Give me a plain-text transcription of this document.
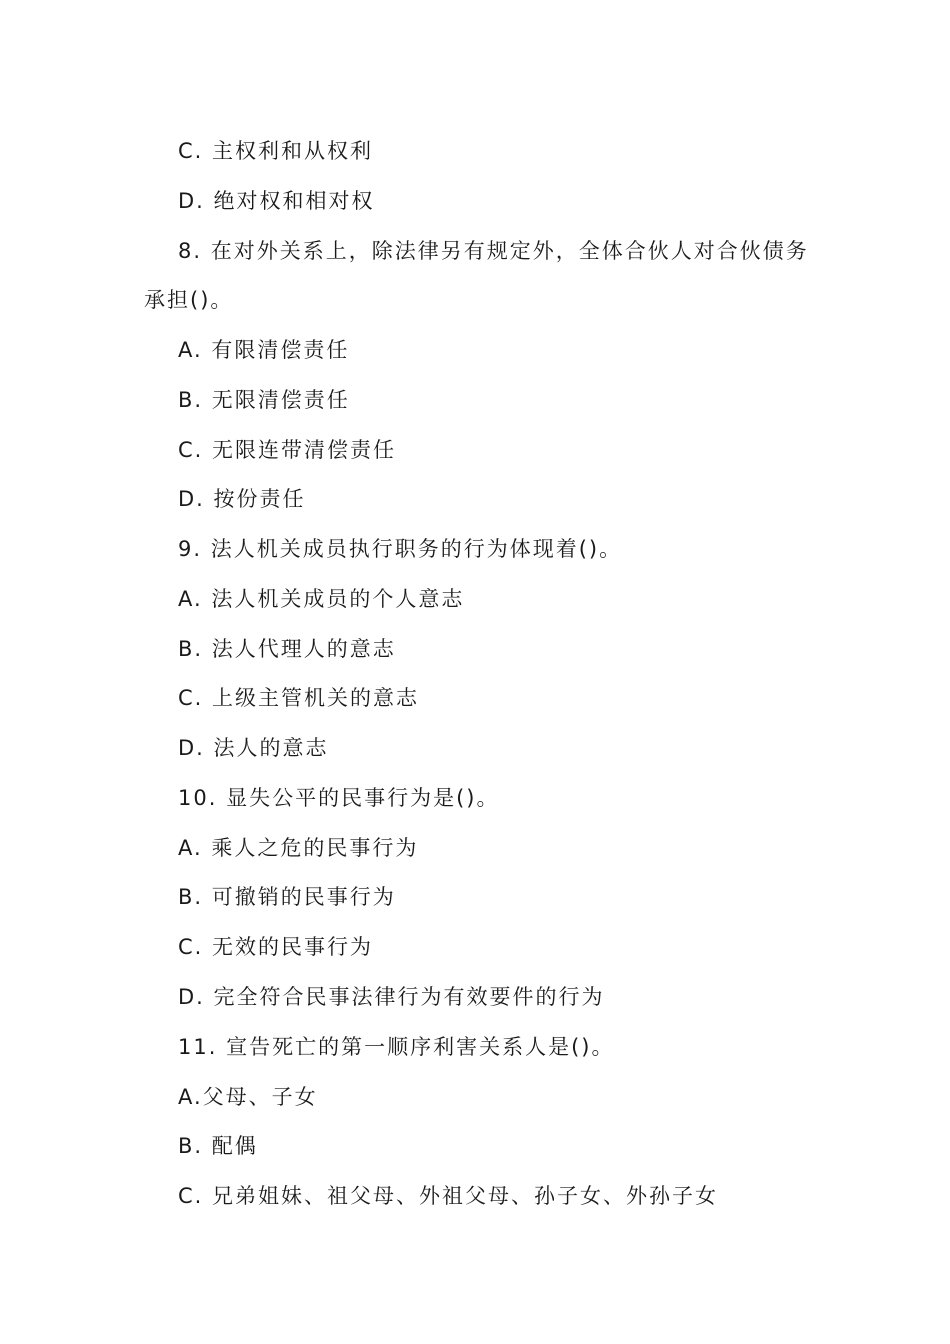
C. 主权利和从权利
D. 绝对权和相对权
8. 在对外关系上，除法律另有规定外，全体合伙人对合伙债务
承担()。
A. 有限清偿责任
B. 无限清偿责任
C. 无限连带清偿责任
D. 按份责任
9. 法人机关成员执行职务的行为体现着()。
A. 法人机关成员的个人意志
B. 法人代理人的意志
C. 上级主管机关的意志
D. 法人的意志
10. 显失公平的民事行为是()。
A. 乘人之危的民事行为
B. 可撤销的民事行为
C. 无效的民事行为
D. 完全符合民事法律行为有效要件的行为
11. 宣告死亡的第一顺序利害关系人是()。
A.父母、子女
B. 配偶
C. 兄弟姐妹、祖父母、外祖父母、孙子女、外孙子女
